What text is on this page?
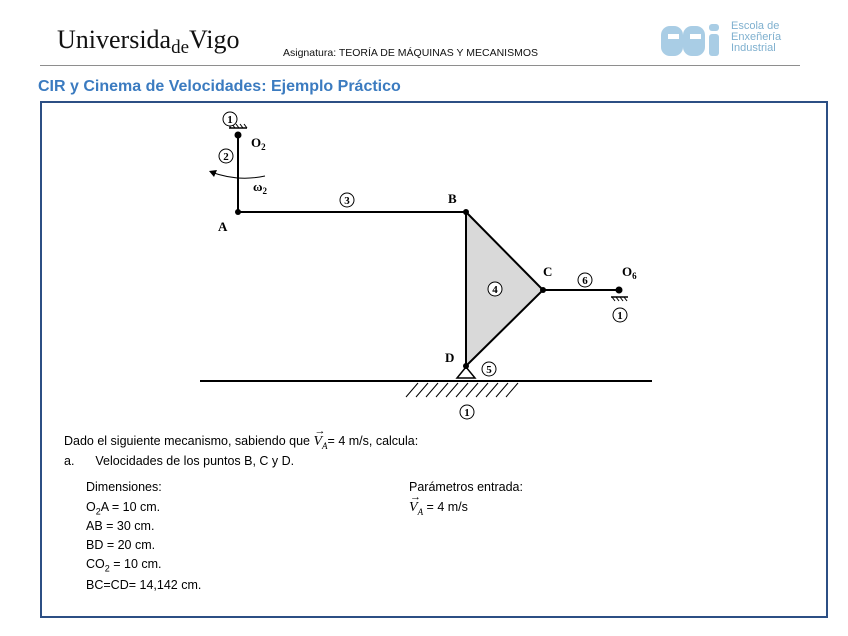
UniversidadeVigo	Asignatura: TEORÍA DE MÁQUINAS Y MECANISMOS
Escola de
Enxeñería
Industrial
CIR y Cinema de Velocidades: Ejemplo Práctico
1
2
3
4
6
1
5
1
$O_2$
$\omega_2$
A
B
C
D
$O_6$
Dado el siguiente mecanismo, sabiendo que
→
$V_A= 4$ m/s, calcula:
a. Velocidades de los puntos B, C y D.
Dimensiones:
$O_2A = 10$ cm.
AB = 30 cm.
BD = 20 cm.
$CO_2 = 10$ cm.
BC=CD= 14,142 cm.
Parámetros entrada:
→
$V_A = 4$ m/s
